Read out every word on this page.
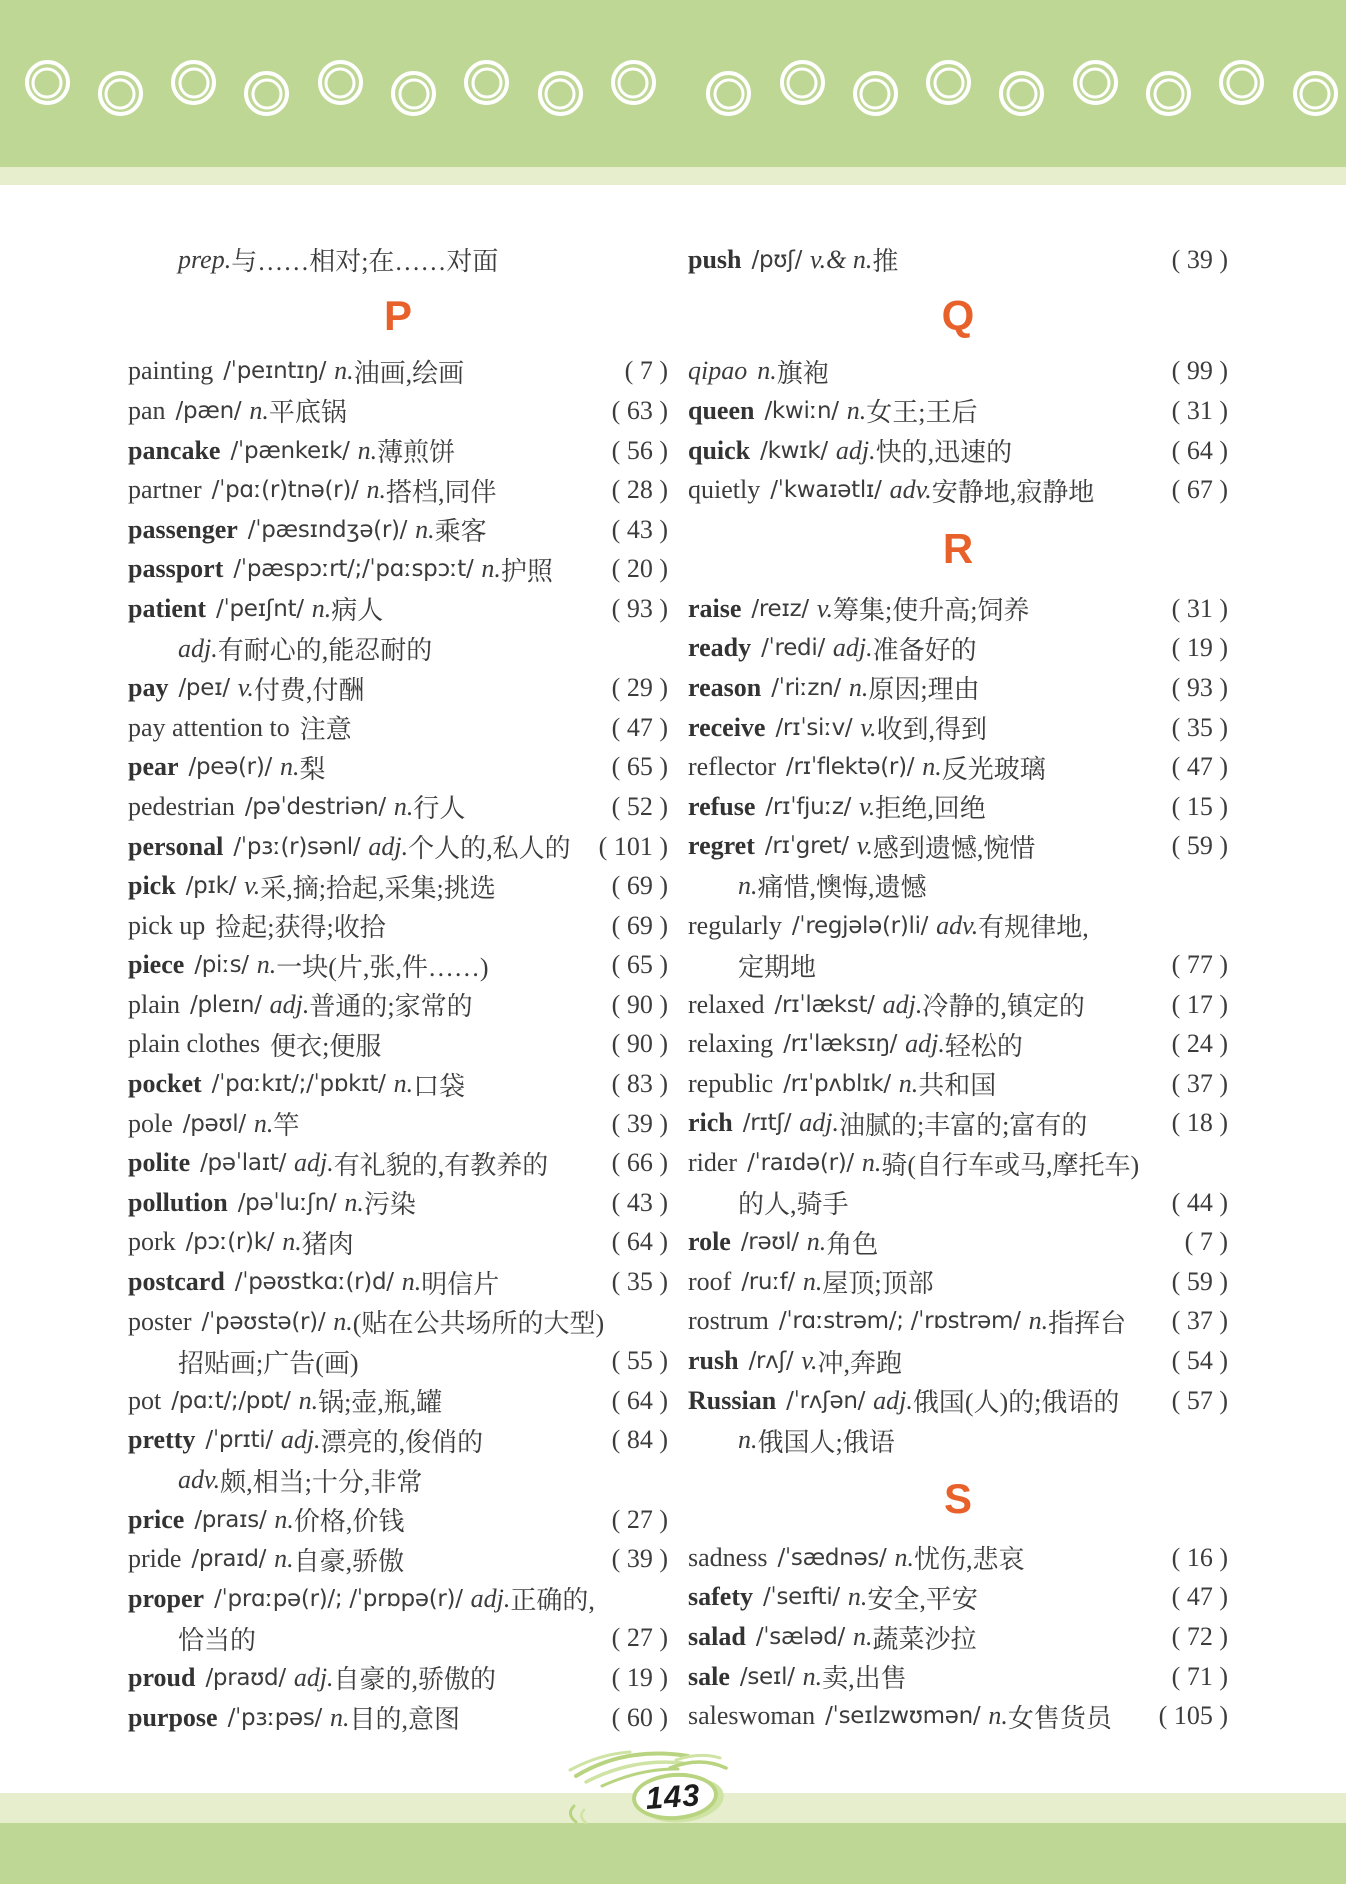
prep. 与……相对;在……对面
P
painting /ˈpeɪntɪŋ/ n. 油画,绘画	( 7 )
pan /pæn/ n. 平底锅	( 63 )
pancake /ˈpænkeɪk/ n. 薄煎饼	( 56 )
partner /ˈpɑː(r)tnə(r)/ n. 搭档,同伴	( 28 )
passenger /ˈpæsɪndʒə(r)/ n. 乘客	( 43 )
passport /ˈpæspɔːrt/;/ˈpɑːspɔːt/ n. 护照 ( 20 )
patient /ˈpeɪʃnt/ n. 病人	( 93 )
adj. 有耐心的,能忍耐的
pay /peɪ/ v. 付费,付酬	( 29 )
pay attention to 注意	( 47 )
pear /peə(r)/ n. 梨	( 65 )
pedestrian /pəˈdestriən/ n. 行人	( 52 )
personal /ˈpɜː(r)sənl/ adj. 个人的,私人的 ( 101 )
pick /pɪk/ v. 采,摘;拾起,采集;挑选	( 69 )
pick up 捡起;获得;收拾	( 69 )
piece /piːs/ n. 一块(片,张,件……)	( 65 )
plain /pleɪn/ adj. 普通的;家常的	( 90 )
plain clothes 便衣;便服	( 90 )
pocket /ˈpɑːkɪt/;/ˈpɒkɪt/ n. 口袋	( 83 )
pole /pəʊl/ n. 竿	( 39 )
polite /pəˈlaɪt/ adj. 有礼貌的,有教养的 ( 66 )
pollution /pəˈluːʃn/ n. 污染	( 43 )
pork /pɔː(r)k/ n. 猪肉	( 64 )
postcard /ˈpəʊstkɑː(r)d/ n. 明信片	( 35 )
poster /ˈpəʊstə(r)/ n. (贴在公共场所的大型)
招贴画;广告(画)	( 55 )
pot /pɑːt/;/pɒt/ n. 锅;壶,瓶,罐	( 64 )
pretty /ˈprɪti/ adj. 漂亮的,俊俏的	( 84 )
adv. 颇,相当;十分,非常
price /praɪs/ n. 价格,价钱	( 27 )
pride /praɪd/ n. 自豪,骄傲	( 39 )
proper /ˈprɑːpə(r)/; /ˈprɒpə(r)/ adj. 正确的,
恰当的	( 27 )
proud /praʊd/ adj. 自豪的,骄傲的	( 19 )
purpose /ˈpɜːpəs/ n. 目的,意图	( 60 )
push /pʊʃ/ v.& n. 推	( 39 )
Q
qipao n. 旗袍	( 99 )
queen /kwiːn/ n. 女王;王后	( 31 )
quick /kwɪk/ adj. 快的,迅速的	( 64 )
quietly /ˈkwaɪətlɪ/ adv. 安静地,寂静地	( 67 )
R
raise /reɪz/ v. 筹集;使升高;饲养	( 31 )
ready /ˈredi/ adj. 准备好的	( 19 )
reason /ˈriːzn/ n. 原因;理由	( 93 )
receive /rɪˈsiːv/ v. 收到,得到	( 35 )
reflector /rɪˈflektə(r)/ n. 反光玻璃	( 47 )
refuse /rɪˈfjuːz/ v. 拒绝,回绝	( 15 )
regret /rɪˈgret/ v. 感到遗憾,惋惜	( 59 )
n. 痛惜,懊悔,遗憾
regularly /ˈregjələ(r)li/ adv. 有规律地,
定期地	( 77 )
relaxed /rɪˈlækst/ adj. 冷静的,镇定的	( 17 )
relaxing /rɪˈlæksɪŋ/ adj. 轻松的	( 24 )
republic /rɪˈpʌblɪk/ n. 共和国	( 37 )
rich /rɪtʃ/ adj. 油腻的;丰富的;富有的	( 18 )
rider /ˈraɪdə(r)/ n. 骑(自行车或马,摩托车)
的人,骑手	( 44 )
role /rəʊl/ n. 角色	( 7 )
roof /ruːf/ n. 屋顶;顶部	( 59 )
rostrum /ˈrɑːstrəm/; /ˈrɒstrəm/ n. 指挥台 ( 37 )
rush /rʌʃ/ v. 冲,奔跑	( 54 )
Russian /ˈrʌʃən/ adj. 俄国(人)的;俄语的 ( 57 )
n. 俄国人;俄语
S
sadness /ˈsædnəs/ n. 忧伤,悲哀	( 16 )
safety /ˈseɪfti/ n. 安全,平安	( 47 )
salad /ˈsæləd/ n. 蔬菜沙拉	( 72 )
sale /seɪl/ n. 卖,出售	( 71 )
saleswoman /ˈseɪlzwʊmən/ n. 女售货员 ( 105 )
143
